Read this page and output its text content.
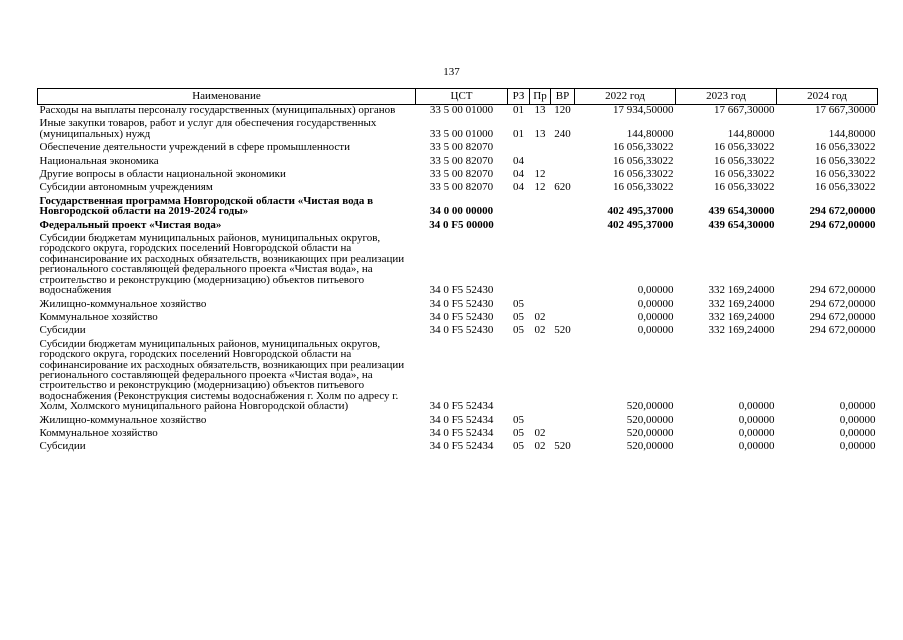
137
Наименование	ЦСТ	РЗ	Пр	ВР	2022 год	2023 год	2024 год
Расходы на выплаты персоналу государственных (муниципальных) органов	33 5 00 01000	01	13	120	17 934,50000	17 667,30000	17 667,30000
Иные закупки товаров, работ и услуг для обеспечения государственных (муниципальных) нужд	33 5 00 01000	01	13	240	144,80000	144,80000	144,80000
Обеспечение деятельности учреждений в сфере промышленности	33 5 00 82070				16 056,33022	16 056,33022	16 056,33022
Национальная экономика	33 5 00 82070	04			16 056,33022	16 056,33022	16 056,33022
Другие вопросы в области национальной экономики	33 5 00 82070	04	12		16 056,33022	16 056,33022	16 056,33022
Субсидии автономным учреждениям	33 5 00 82070	04	12	620	16 056,33022	16 056,33022	16 056,33022
Государственная программа Новгородской области «Чистая вода в Новгородской области на 2019-2024 годы»	34 0 00 00000				402 495,37000	439 654,30000	294 672,00000
Федеральный проект «Чистая вода»	34 0 F5 00000				402 495,37000	439 654,30000	294 672,00000
Субсидии бюджетам муниципальных районов, муниципальных округов, городского округа, городских поселений Новгородской области на софинансирование их расходных обязательств, возникающих при реализации регионального составляющей федерального проекта «Чистая вода», на строительство и реконструкцию (модернизацию) объектов питьевого водоснабжения	34 0 F5 52430				0,00000	332 169,24000	294 672,00000
Жилищно-коммунальное хозяйство	34 0 F5 52430	05			0,00000	332 169,24000	294 672,00000
Коммунальное хозяйство	34 0 F5 52430	05	02		0,00000	332 169,24000	294 672,00000
Субсидии	34 0 F5 52430	05	02	520	0,00000	332 169,24000	294 672,00000
Субсидии бюджетам муниципальных районов, муниципальных округов, городского округа, городских поселений Новгородской области на софинансирование их расходных обязательств, возникающих при реализации регионального составляющей федерального проекта «Чистая вода», на строительство и реконструкцию (модернизацию) объектов питьевого водоснабжения (Реконструкция системы водоснабжения г. Холм по адресу г. Холм, Холмского муниципального района Новгородской области)	34 0 F5 52434				520,00000	0,00000	0,00000
Жилищно-коммунальное хозяйство	34 0 F5 52434	05			520,00000	0,00000	0,00000
Коммунальное хозяйство	34 0 F5 52434	05	02		520,00000	0,00000	0,00000
Субсидии	34 0 F5 52434	05	02	520	520,00000	0,00000	0,00000
